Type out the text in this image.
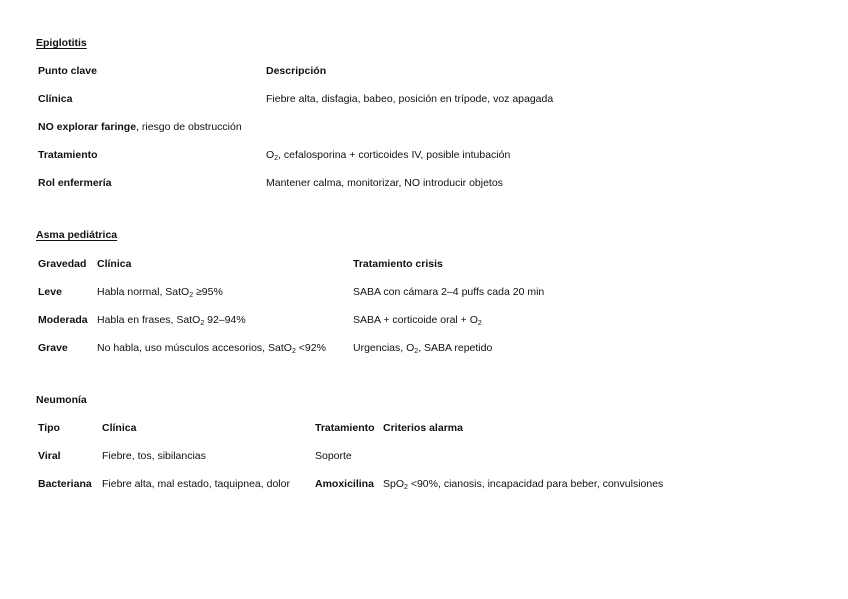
Epiglotitis
Punto clave	Descripción
Clínica	Fiebre alta, disfagia, babeo, posición en trípode, voz apagada
NO explorar faringe, riesgo de obstrucción	
Tratamiento	$O_2$, cefalosporina + corticoides IV, posible intubación
Rol enfermería	Mantener calma, monitorizar, NO introducir objetos
Asma pediátrica
Gravedad	Clínica	Tratamiento crisis
Leve	Habla normal, SatO$_2$ ≥95%	SABA con cámara 2–4 puffs cada 20 min
Moderada	Habla en frases, SatO$_2$ 92–94%	SABA + corticoide oral + $O_2$
Grave	No habla, uso músculos accesorios, SatO$_2$ <92%	Urgencias, $O_2$, SABA repetido
Neumonía
Tipo	Clínica	Tratamiento	Criterios alarma
Viral	Fiebre, tos, sibilancias	Soporte	
Bacteriana	Fiebre alta, mal estado, taquipnea, dolor	Amoxicilina	SpO$_2$ <90%, cianosis, incapacidad para beber, convulsiones
